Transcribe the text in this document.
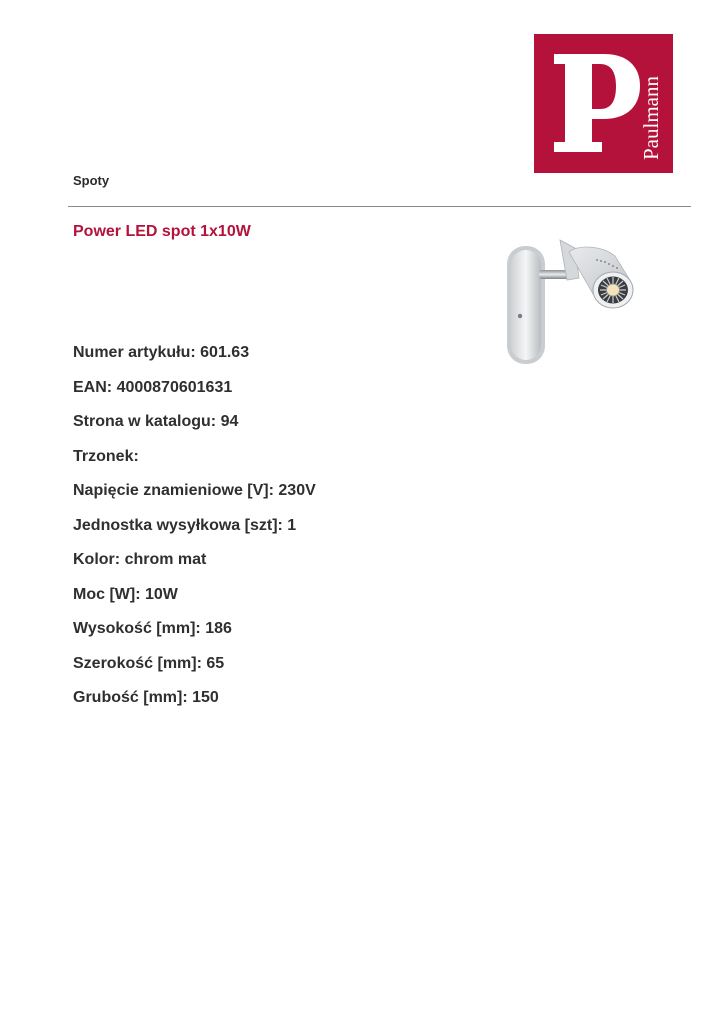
Paulmann
Spoty
Power LED spot 1x10W
Numer artykułu: 601.63
EAN: 4000870601631
Strona w katalogu: 94
Trzonek:
Napięcie znamieniowe [V]: 230V
Jednostka wysyłkowa [szt]: 1
Kolor: chrom mat
Moc [W]: 10W
Wysokość [mm]: 186
Szerokość [mm]: 65
Grubość [mm]: 150
